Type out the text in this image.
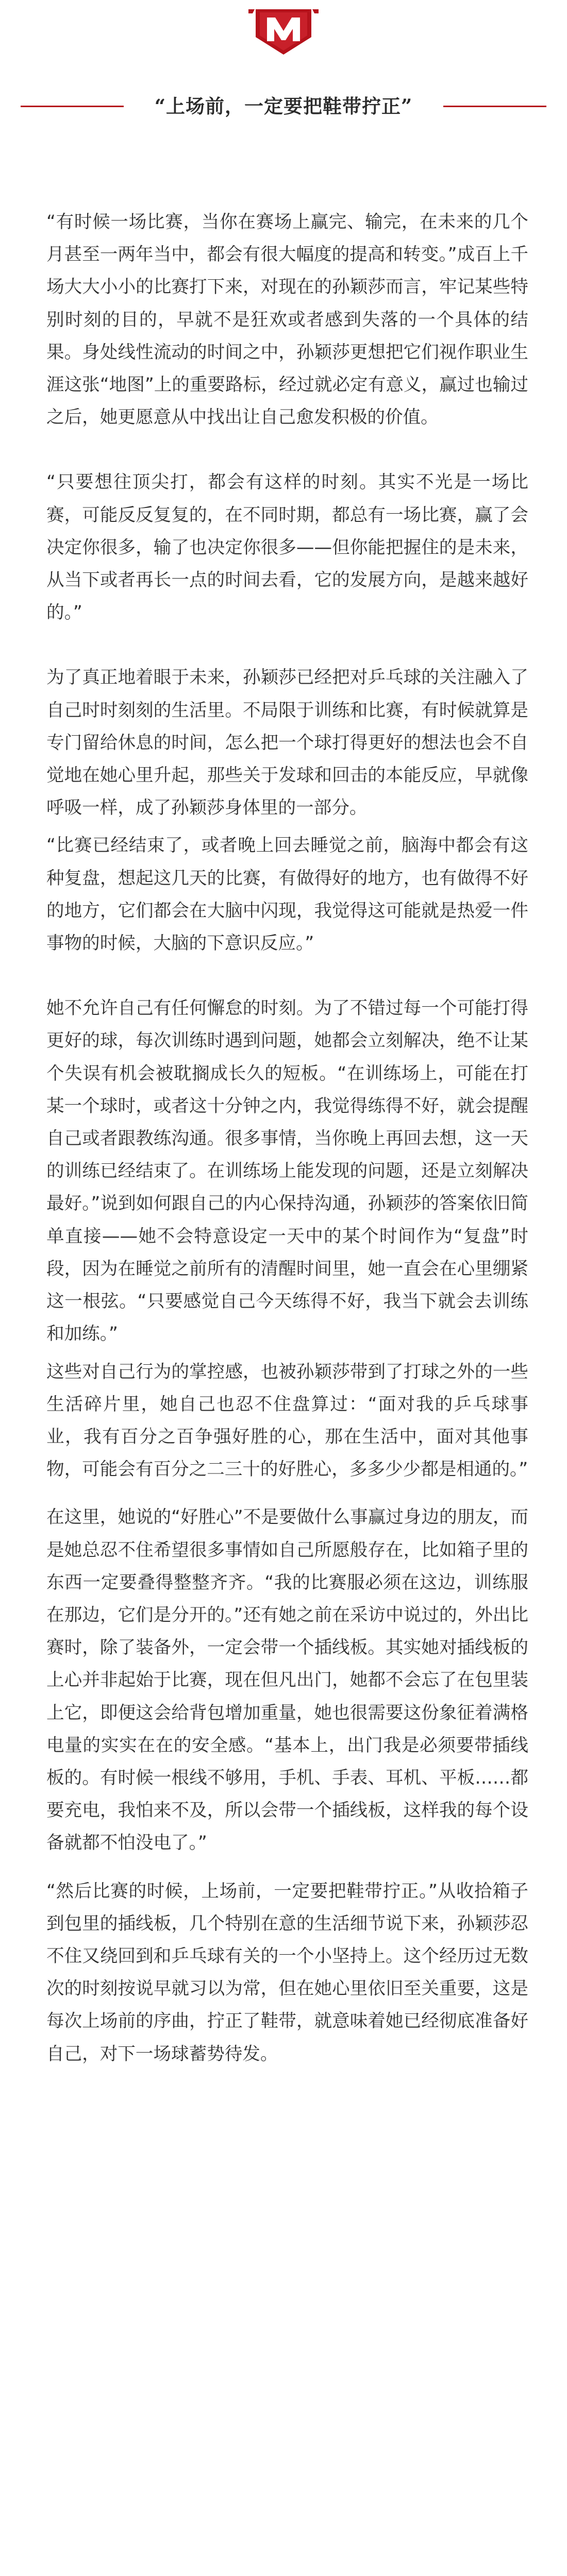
“上场前，一定要把鞋带拧正”

“有时候一场比赛，当你在赛场上赢完、输完，在未来的几个月甚至一两年当中，都会有很大幅度的提高和转变。”成百上千场大大小小的比赛打下来，对现在的孙颖莎而言，牢记某些特别时刻的目的，早就不是狂欢或者感到失落的一个具体的结果。身处线性流动的时间之中，孙颖莎更想把它们视作职业生涯这张“地图”上的重要路标，经过就必定有意义，赢过也输过之后，她更愿意从中找出让自己愈发积极的价值。

“只要想往顶尖打，都会有这样的时刻。其实不光是一场比赛，可能反反复复的，在不同时期，都总有一场比赛，赢了会决定你很多，输了也决定你很多——但你能把握住的是未来，从当下或者再长一点的时间去看，它的发展方向，是越来越好的。”

为了真正地着眼于未来，孙颖莎已经把对乒乓球的关注融入了自己时时刻刻的生活里。不局限于训练和比赛，有时候就算是专门留给休息的时间，怎么把一个球打得更好的想法也会不自觉地在她心里升起，那些关于发球和回击的本能反应，早就像呼吸一样，成了孙颖莎身体里的一部分。

“比赛已经结束了，或者晚上回去睡觉之前，脑海中都会有这种复盘，想起这几天的比赛，有做得好的地方，也有做得不好的地方，它们都会在大脑中闪现，我觉得这可能就是热爱一件事物的时候，大脑的下意识反应。”

她不允许自己有任何懈怠的时刻。为了不错过每一个可能打得更好的球，每次训练时遇到问题，她都会立刻解决，绝不让某个失误有机会被耽搁成长久的短板。“在训练场上，可能在打某一个球时，或者这十分钟之内，我觉得练得不好，就会提醒自己或者跟教练沟通。很多事情，当你晚上再回去想，这一天的训练已经结束了。在训练场上能发现的问题，还是立刻解决最好。”说到如何跟自己的内心保持沟通，孙颖莎的答案依旧简单直接——她不会特意设定一天中的某个时间作为“复盘”时段，因为在睡觉之前所有的清醒时间里，她一直会在心里绷紧这一根弦。“只要感觉自己今天练得不好，我当下就会去训练和加练。”

这些对自己行为的掌控感，也被孙颖莎带到了打球之外的一些生活碎片里，她自己也忍不住盘算过：“面对我的乒乓球事业，我有百分之百争强好胜的心，那在生活中，面对其他事物，可能会有百分之二三十的好胜心，多多少少都是相通的。”

在这里，她说的“好胜心”不是要做什么事赢过身边的朋友，而是她总忍不住希望很多事情如自己所愿般存在，比如箱子里的东西一定要叠得整整齐齐。“我的比赛服必须在这边，训练服在那边，它们是分开的。”还有她之前在采访中说过的，外出比赛时，除了装备外，一定会带一个插线板。其实她对插线板的上心并非起始于比赛，现在但凡出门，她都不会忘了在包里装上它，即便这会给背包增加重量，她也很需要这份象征着满格电量的实实在在的安全感。“基本上，出门我是必须要带插线板的。有时候一根线不够用，手机、手表、耳机、平板……都要充电，我怕来不及，所以会带一个插线板，这样我的每个设备就都不怕没电了。”

“然后比赛的时候，上场前，一定要把鞋带拧正。”从收拾箱子到包里的插线板，几个特别在意的生活细节说下来，孙颖莎忍不住又绕回到和乒乓球有关的一个小坚持上。这个经历过无数次的时刻按说早就习以为常，但在她心里依旧至关重要，这是每次上场前的序曲，拧正了鞋带，就意味着她已经彻底准备好自己，对下一场球蓄势待发。
